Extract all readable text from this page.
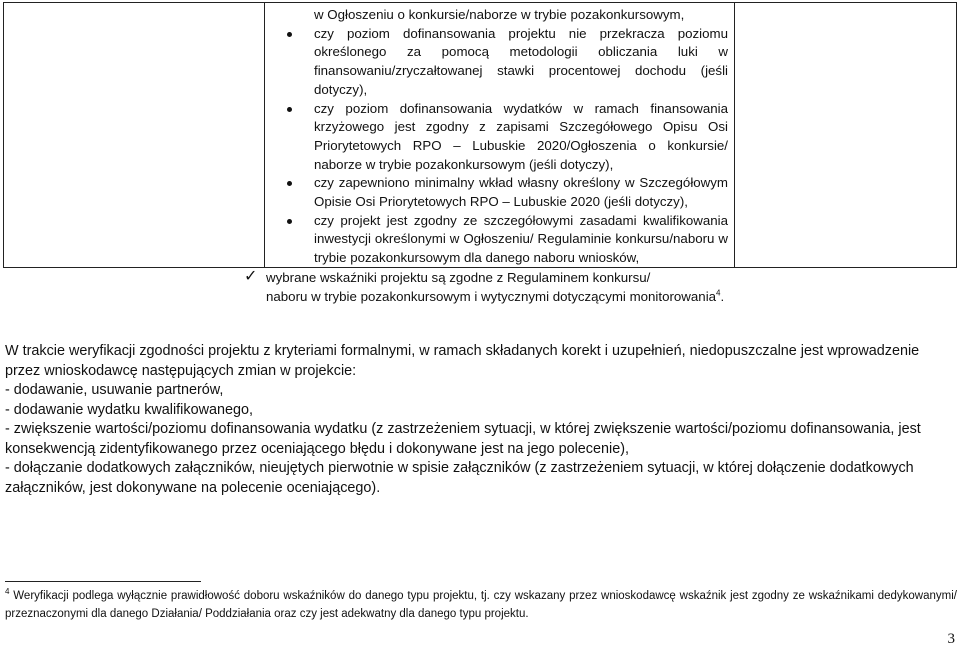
w Ogłoszeniu o konkursie/naborze w trybie pozakonkursowym,

czy poziom dofinansowania projektu nie przekracza poziomu określonego za pomocą metodologii obliczania luki w finansowaniu/zryczałtowanej stawki procentowej dochodu (jeśli dotyczy),
czy poziom dofinansowania wydatków w ramach finansowania krzyżowego jest zgodny z zapisami Szczegółowego Opisu Osi Priorytetowych RPO – Lubuskie 2020/Ogłoszenia o konkursie/ naborze w trybie pozakonkursowym (jeśli dotyczy),
czy zapewniono minimalny wkład własny określony w Szczegółowym Opisie Osi Priorytetowych RPO – Lubuskie 2020 (jeśli dotyczy),
czy projekt jest zgodny ze szczegółowymi zasadami kwalifikowania inwestycji określonymi w Ogłoszeniu/ Regulaminie konkursu/naboru w trybie pozakonkursowym dla danego naboru wniosków,
✓ wybrane wskaźniki projektu są zgodne z Regulaminem konkursu/
naboru w trybie pozakonkursowym i wytycznymi dotyczącymi monitorowania$^4$.

W trakcie weryfikacji zgodności projektu z kryteriami formalnymi, w ramach składanych korekt i uzupełnień, niedopuszczalne jest wprowadzenie przez wnioskodawcę następujących zmian w projekcie:

- dodawanie, usuwanie partnerów,

- dodawanie wydatku kwalifikowanego,

- zwiększenie wartości/poziomu dofinansowania wydatku (z zastrzeżeniem sytuacji, w której zwiększenie wartości/poziomu dofinansowania, jest konsekwencją zidentyfikowanego przez oceniającego błędu i dokonywane jest na jego polecenie),

- dołączanie dodatkowych załączników, nieujętych pierwotnie w spisie załączników (z zastrzeżeniem sytuacji, w której dołączenie dodatkowych załączników, jest dokonywane na polecenie oceniającego).

$^4$ Weryfikacji podlega wyłącznie prawidłowość doboru wskaźników do danego typu projektu, tj. czy wskazany przez wnioskodawcę wskaźnik jest zgodny ze wskaźnikami dedykowanymi/ przeznaczonymi dla danego Działania/ Poddziałania oraz czy jest adekwatny dla danego typu projektu.
3
